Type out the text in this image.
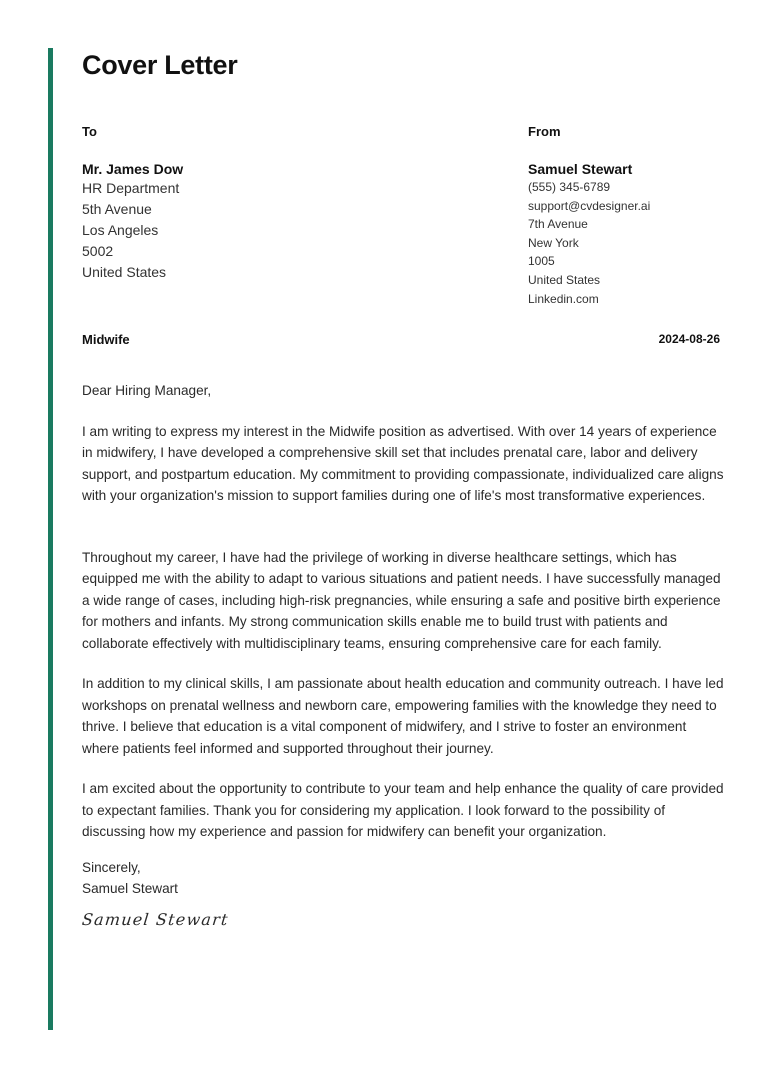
Cover Letter
To
Mr. James Dow
HR Department
5th Avenue
Los Angeles
5002
United States
From
Samuel Stewart
(555) 345-6789
support@cvdesigner.ai
7th Avenue
New York
1005
United States
Linkedin.com
Midwife	2024-08-26

Dear Hiring Manager,

I am writing to express my interest in the Midwife position as advertised. With over 14 years of experience in midwifery, I have developed a comprehensive skill set that includes prenatal care, labor and delivery support, and postpartum education. My commitment to providing compassionate, individualized care aligns with your organization's mission to support families during one of life's most transformative experiences.

Throughout my career, I have had the privilege of working in diverse healthcare settings, which has equipped me with the ability to adapt to various situations and patient needs. I have successfully managed a wide range of cases, including high-risk pregnancies, while ensuring a safe and positive birth experience for mothers and infants. My strong communication skills enable me to build trust with patients and collaborate effectively with multidisciplinary teams, ensuring comprehensive care for each family.

In addition to my clinical skills, I am passionate about health education and community outreach. I have led workshops on prenatal wellness and newborn care, empowering families with the knowledge they need to thrive. I believe that education is a vital component of midwifery, and I strive to foster an environment where patients feel informed and supported throughout their journey.

I am excited about the opportunity to contribute to your team and help enhance the quality of care provided to expectant families. Thank you for considering my application. I look forward to the possibility of discussing how my experience and passion for midwifery can benefit your organization.

Sincerely,
Samuel Stewart
Samuel Stewart
